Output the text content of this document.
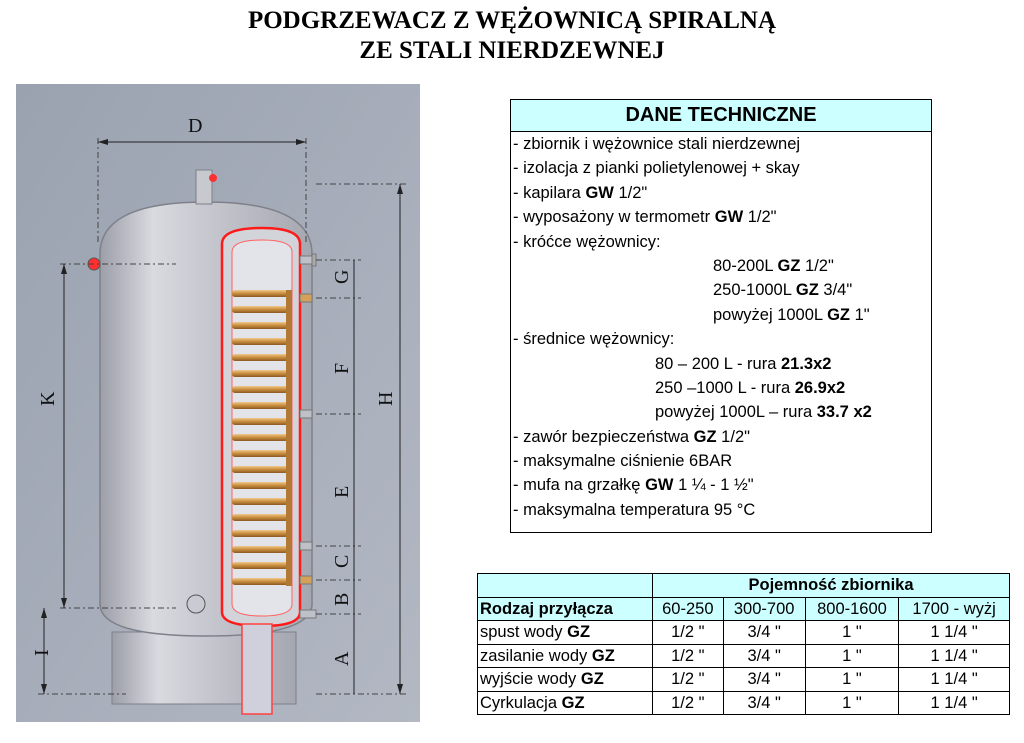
PODGRZEWACZ Z WĘŻOWNICĄ SPIRALNĄ
ZE STALI NIERDZEWNEJ
D
K	H
I	A
B
C
E
F
G
DANE TECHNICZNE
- zbiornik i wężownice stali nierdzewnej
- izolacja z pianki polietylenowej + skay
- kapilara GW 1/2"
- wyposażony w termometr GW 1/2"
- króćce wężownicy:
80-200L GZ 1/2"
250-1000L GZ 3/4"
powyżej 1000L GZ 1"
- średnice wężownicy:
80 – 200 L - rura 21.3x2
250 –1000 L - rura 26.9x2
powyżej 1000L – rura 33.7 x2
- zawór bezpieczeństwa GZ 1/2"
- maksymalne ciśnienie 6BAR
- mufa na grzałkę GW 1 ¼ - 1 ½"
- maksymalna temperatura 95 °C
	Pojemność zbiornika			
Rodzaj przyłącza	60-250	300-700	800-1600	1700 - wyżj
spust wody GZ	1/2 "	3/4 "	1 "	1 1/4 "
zasilanie wody GZ	1/2 "	3/4 "	1 "	1 1/4 "
wyjście wody GZ	1/2 "	3/4 "	1 "	1 1/4 "
Cyrkulacja GZ	1/2 "	3/4 "	1 "	1 1/4 "
